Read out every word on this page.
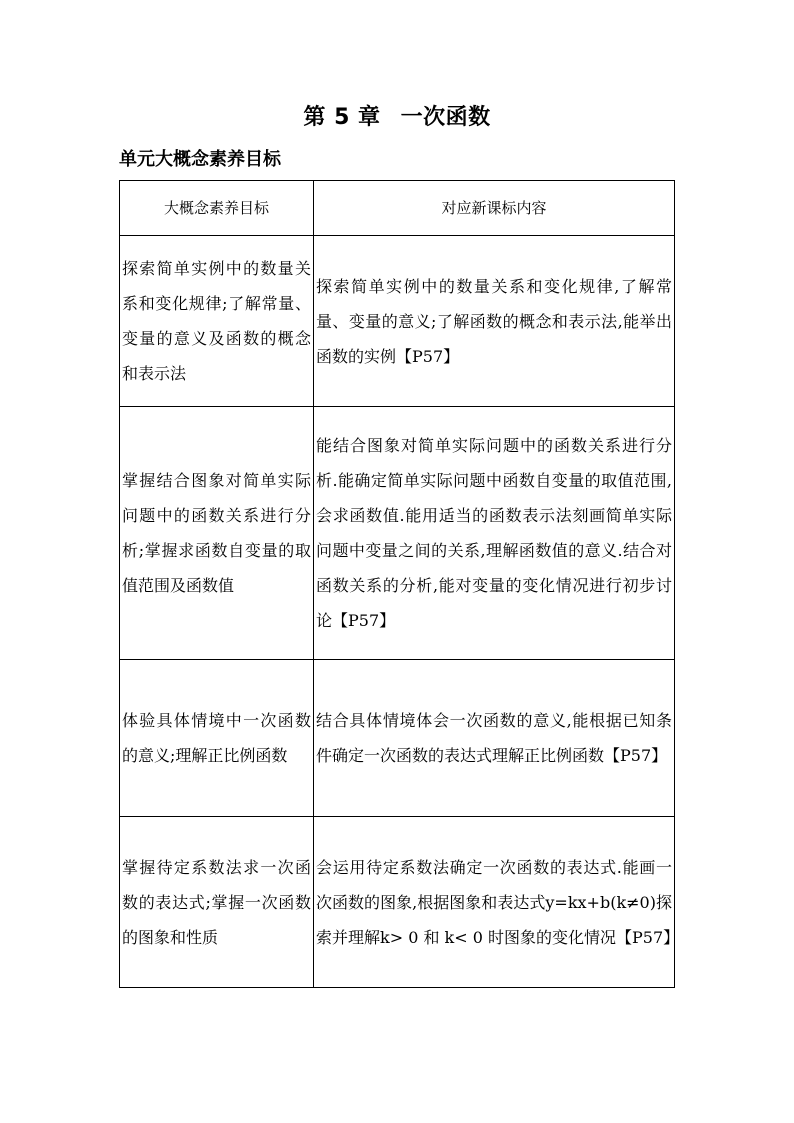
第 5 章 一次函数
单元大概念素养目标
大概念素养目标	对应新课标内容
探索简单实例中的数量关系和变化规律;了解常量、变量的意义及函数的概念和表示法	探索简单实例中的数量关系和变化规律,了解常量、变量的意义;了解函数的概念和表示法,能举出函数的实例【P57】
掌握结合图象对简单实际问题中的函数关系进行分析;掌握求函数自变量的取值范围及函数值	能结合图象对简单实际问题中的函数关系进行分析.能确定简单实际问题中函数自变量的取值范围,会求函数值.能用适当的函数表示法刻画简单实际问题中变量之间的关系,理解函数值的意义.结合对函数关系的分析,能对变量的变化情况进行初步讨论【P57】
体验具体情境中一次函数的意义;理解正比例函数	结合具体情境体会一次函数的意义,能根据已知条件确定一次函数的表达式理解正比例函数【P57】
掌握待定系数法求一次函数的表达式;掌握一次函数的图象和性质	会运用待定系数法确定一次函数的表达式.能画一次函数的图象,根据图象和表达式y=kx+b(k≠0)探索并理解k> 0 和 k< 0 时图象的变化情况【P57】
